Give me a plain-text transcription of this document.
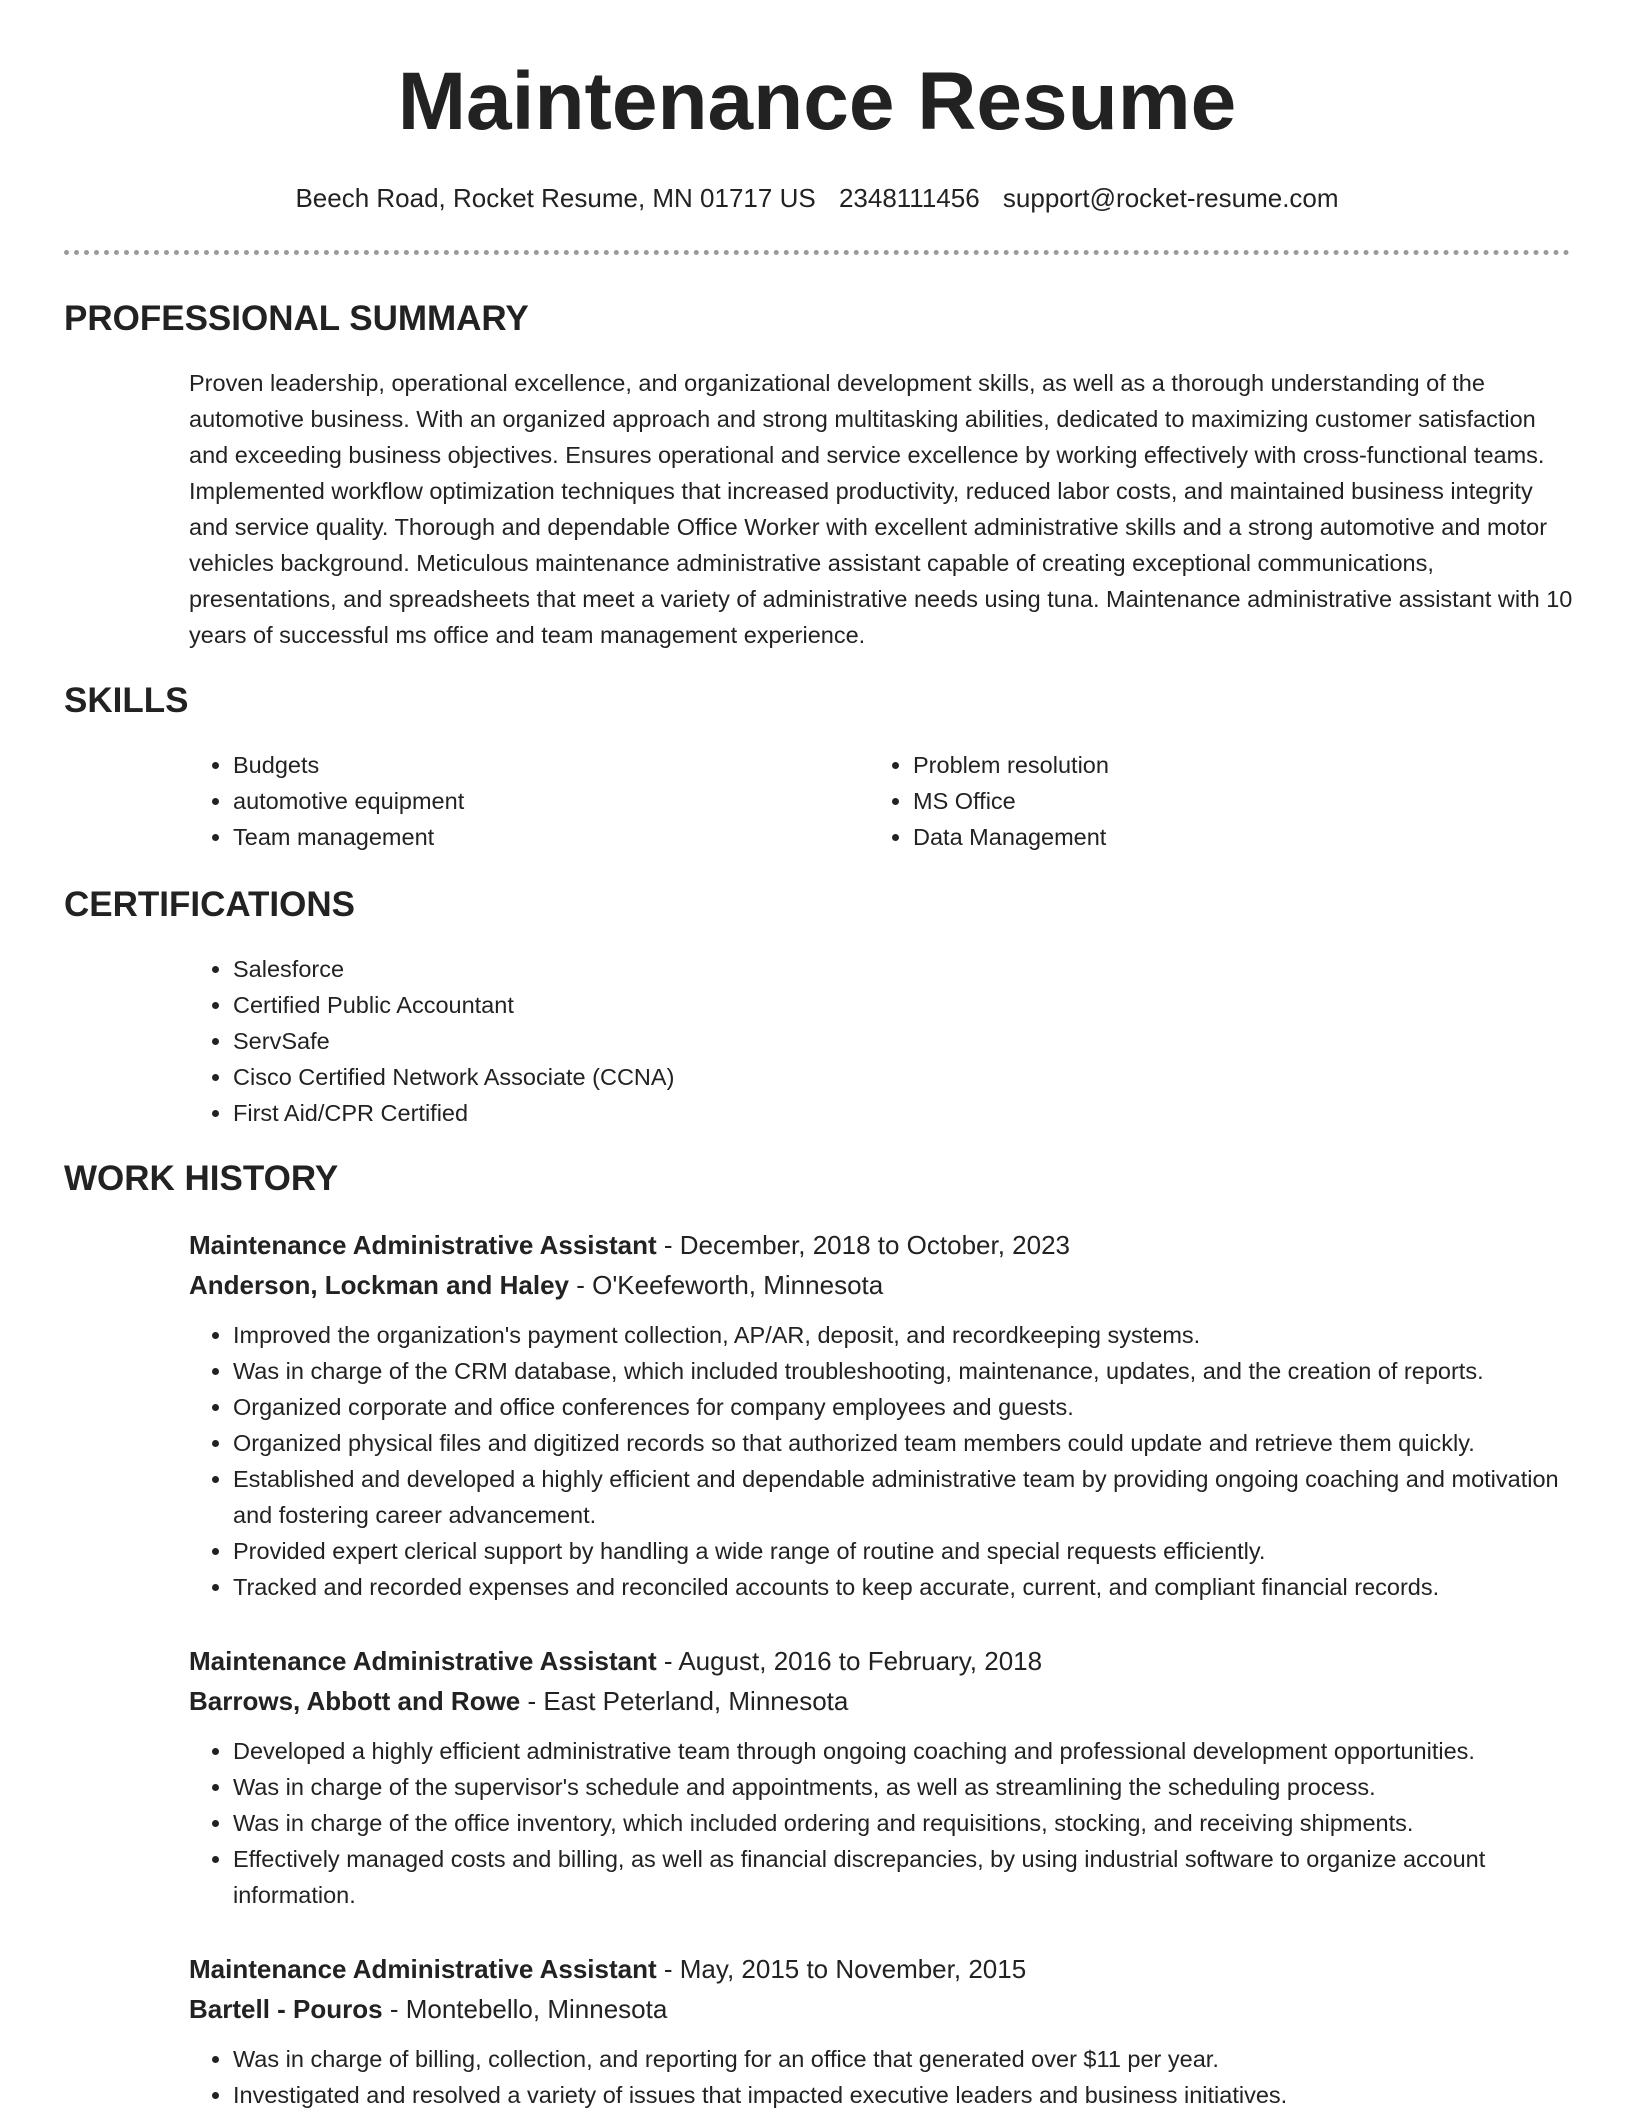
Maintenance Resume
Beech Road, Rocket Resume, MN 01717 US 2348111456 support@rocket-resume.com
PROFESSIONAL SUMMARY

Proven leadership, operational excellence, and organizational development skills, as well as a thorough understanding of the automotive business. With an organized approach and strong multitasking abilities, dedicated to maximizing customer satisfaction and exceeding business objectives. Ensures operational and service excellence by working effectively with cross-functional teams. Implemented workflow optimization techniques that increased productivity, reduced labor costs, and maintained business integrity and service quality. Thorough and dependable Office Worker with excellent administrative skills and a strong automotive and motor vehicles background. Meticulous maintenance administrative assistant capable of creating exceptional communications, presentations, and spreadsheets that meet a variety of administrative needs using tuna. Maintenance administrative assistant with 10 years of successful ms office and team management experience.

SKILLS
• Budgets
• automotive equipment
• Team management
• Problem resolution
• MS Office
• Data Management
CERTIFICATIONS
• Salesforce
• Certified Public Accountant
• ServSafe
• Cisco Certified Network Associate (CCNA)
• First Aid/CPR Certified
WORK HISTORY
Maintenance Administrative Assistant - December, 2018 to October, 2023
Anderson, Lockman and Haley - O'Keefeworth, Minnesota
• Improved the organization's payment collection, AP/AR, deposit, and recordkeeping systems.
• Was in charge of the CRM database, which included troubleshooting, maintenance, updates, and the creation of reports.
• Organized corporate and office conferences for company employees and guests.
• Organized physical files and digitized records so that authorized team members could update and retrieve them quickly.
• Established and developed a highly efficient and dependable administrative team by providing ongoing coaching and motivation and fostering career advancement.
• Provided expert clerical support by handling a wide range of routine and special requests efficiently.
• Tracked and recorded expenses and reconciled accounts to keep accurate, current, and compliant financial records.
Maintenance Administrative Assistant - August, 2016 to February, 2018
Barrows, Abbott and Rowe - East Peterland, Minnesota
• Developed a highly efficient administrative team through ongoing coaching and professional development opportunities.
• Was in charge of the supervisor's schedule and appointments, as well as streamlining the scheduling process.
• Was in charge of the office inventory, which included ordering and requisitions, stocking, and receiving shipments.
• Effectively managed costs and billing, as well as financial discrepancies, by using industrial software to organize account information.
Maintenance Administrative Assistant - May, 2015 to November, 2015
Bartell - Pouros - Montebello, Minnesota
• Was in charge of billing, collection, and reporting for an office that generated over $11 per year.
• Investigated and resolved a variety of issues that impacted executive leaders and business initiatives.
